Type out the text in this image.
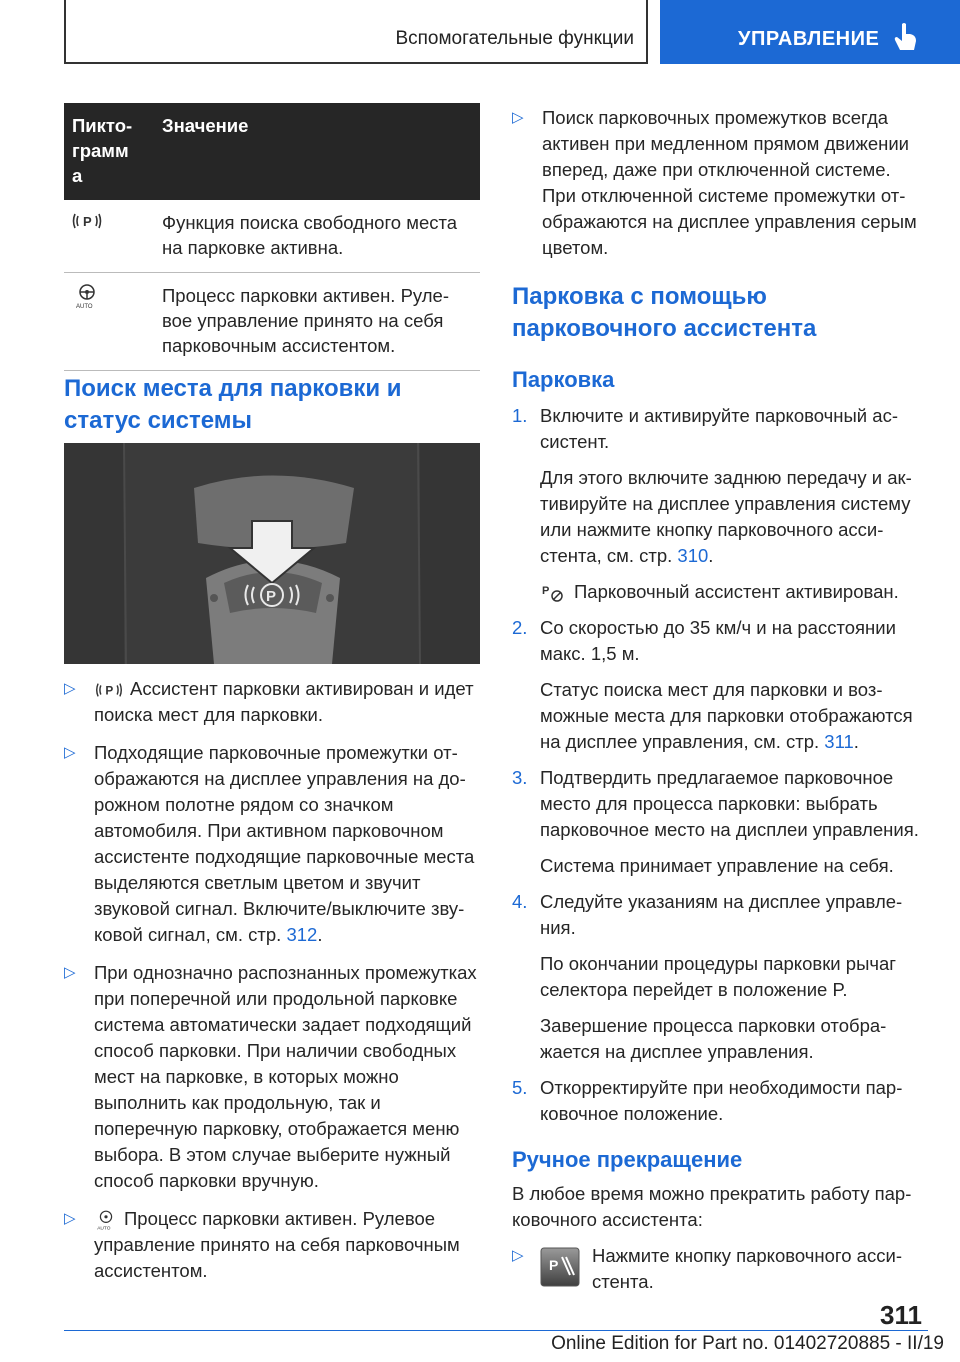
Вспомогательные функции	УПРАВЛЕНИЕ
Пикто-
грамм
а	Значение

P	Функция поиска свободного места на парковке активна.

AUTO	Процесс парковки активен. Рулевое управление принято на себя парковочным ассистентом.
Поиск места для парковки и статус системы
P
▷ P Ассистент парковки активирован и идет поиска мест для парковки.
▷ Подходящие парковочные промежутки отображаются на дисплее управления на дорожном полотне рядом со значком автомобиля. При активном парковочном ассистенте подходящие парковочные места выделяются светлым цветом и звучит звуковой сигнал. Включите/выключите звуковой сигнал, см. стр. 312.
▷ При однозначно распознанных промежутках при поперечной или продольной парковке система автоматически задает подходящий способ парковки. При наличии свободных мест на парковке, в которых можно выполнить как продольную, так и поперечную парковку, отображается меню выбора. В этом случае выберите нужный способ парковки вручную.
▷
AUTO
Процесс парковки активен. Рулевое управление принято на себя парковочным ассистентом.
▷ Поиск парковочных промежутков всегда активен при медленном прямом движении вперед, даже при отключенной системе. При отключенной системе промежутки отображаются на дисплее управления серым цветом.
Парковка с помощью парковочного ассистента
Парковка
1. Включите и активируйте парковочный ассистент.
Для этого включите заднюю передачу и активируйте на дисплее управления систему или нажмите кнопку парковочного ассистента, см. стр. 310.
P Парковочный ассистент активирован.
2. Со скоростью до 35 км/ч и на расстоянии макс. 1,5 м.
Статус поиска мест для парковки и возможные места для парковки отображаются на дисплее управления, см. стр. 311.
3. Подтвердить предлагаемое парковочное место для процесса парковки: выбрать парковочное место на дисплеи управления.
Система принимает управление на себя.
4. Следуйте указаниям на дисплее управления.
По окончании процедуры парковки рычаг селектора перейдет в положение P.
Завершение процесса парковки отображается на дисплее управления.
5. Откорректируйте при необходимости парковочное положение.
Ручное прекращение
В любое время можно прекратить работу парковочного ассистента:
▷
P Нажмите кнопку парковочного ассистента.
311
Online Edition for Part no. 01402720885 - II/19
